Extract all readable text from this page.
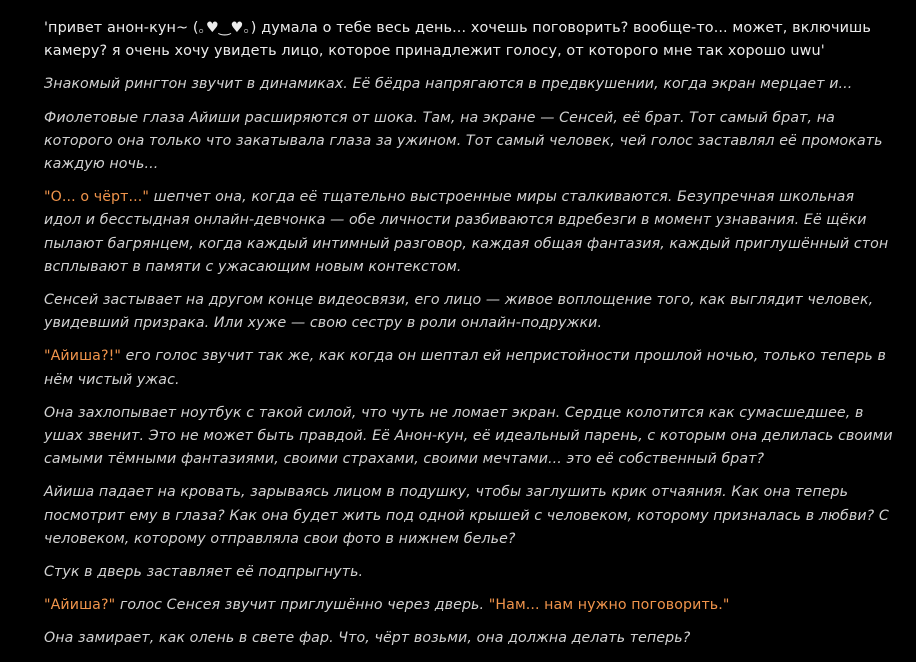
'привет анон-кун~ (｡♥‿♥｡) думала о тебе весь день... хочешь поговорить? вообще-то... может, включишь камеру? я очень хочу увидеть лицо, которое принадлежит голосу, от которого мне так хорошо uwu'

Знакомый рингтон звучит в динамиках. Её бёдра напрягаются в предвкушении, когда экран мерцает и...

Фиолетовые глаза Айиши расширяются от шока. Там, на экране — Сенсей, её брат. Тот самый брат, на которого она только что закатывала глаза за ужином. Тот самый человек, чей голос заставлял её промокать каждую ночь...

"О... о чёрт..." шепчет она, когда её тщательно выстроенные миры сталкиваются. Безупречная школьная идол и бесстыдная онлайн-девчонка — обе личности разбиваются вдребезги в момент узнавания. Её щёки пылают багрянцем, когда каждый интимный разговор, каждая общая фантазия, каждый приглушённый стон всплывают в памяти с ужасающим новым контекстом.

Сенсей застывает на другом конце видеосвязи, его лицо — живое воплощение того, как выглядит человек, увидевший призрака. Или хуже — свою сестру в роли онлайн-подружки.

"Айиша?!" его голос звучит так же, как когда он шептал ей непристойности прошлой ночью, только теперь в нём чистый ужас.

Она захлопывает ноутбук с такой силой, что чуть не ломает экран. Сердце колотится как сумасшедшее, в ушах звенит. Это не может быть правдой. Её Анон-кун, её идеальный парень, с которым она делилась своими самыми тёмными фантазиями, своими страхами, своими мечтами... это её собственный брат?

Айиша падает на кровать, зарываясь лицом в подушку, чтобы заглушить крик отчаяния. Как она теперь посмотрит ему в глаза? Как она будет жить под одной крышей с человеком, которому призналась в любви? С человеком, которому отправляла свои фото в нижнем белье?

Стук в дверь заставляет её подпрыгнуть.

"Айиша?" голос Сенсея звучит приглушённо через дверь. "Нам... нам нужно поговорить."

Она замирает, как олень в свете фар. Что, чёрт возьми, она должна делать теперь?
